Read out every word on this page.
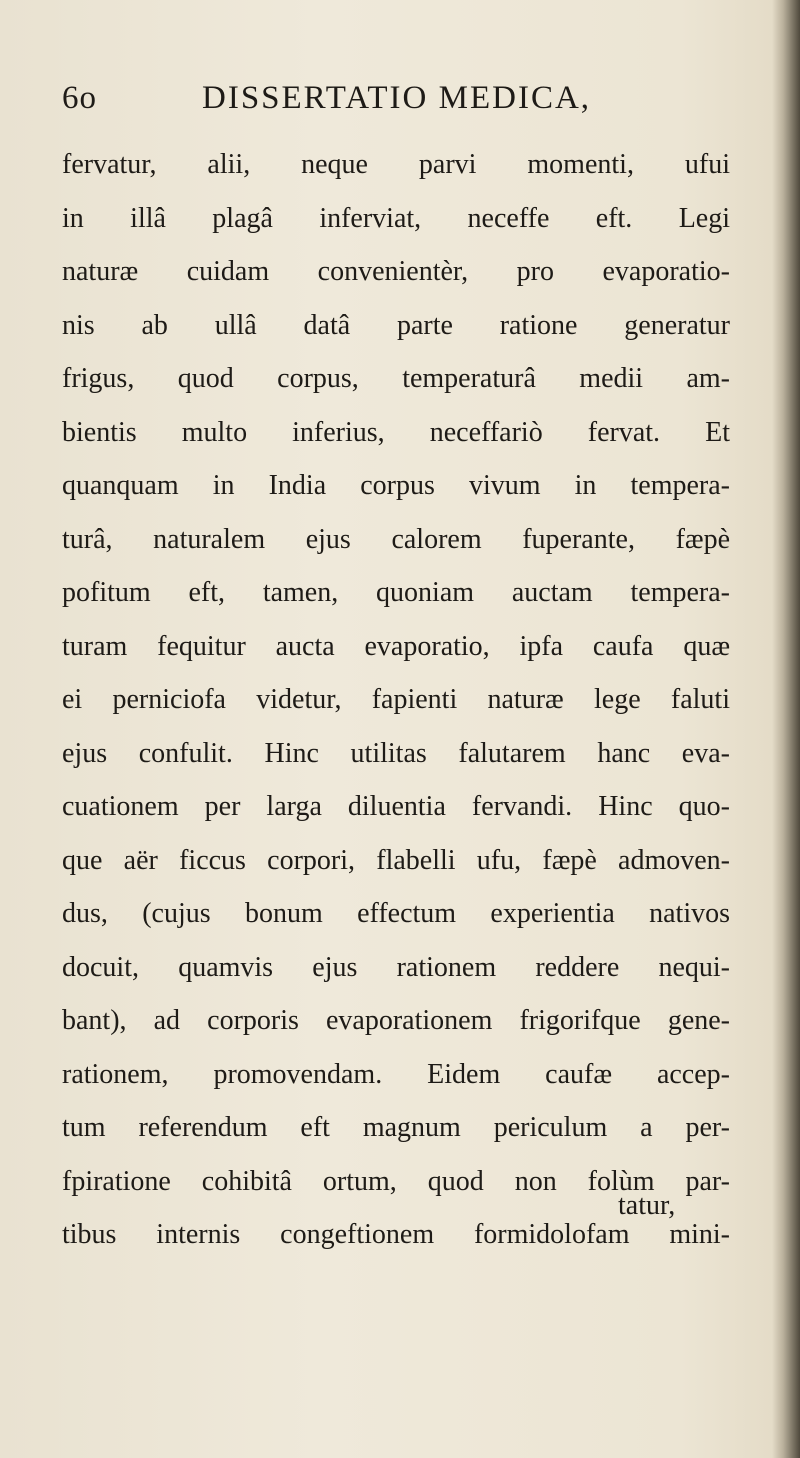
6o	DISSERTATIO MEDICA,
fervatur, alii, neque parvi momenti, ufui
in illâ plagâ inferviat, neceffe eft. Legi
naturæ cuidam convenientèr, pro evaporatio-
nis ab ullâ datâ parte ratione generatur
frigus, quod corpus, temperaturâ medii am-
bientis multo inferius, neceffariò fervat. Et
quanquam in India corpus vivum in tempera-
turâ, naturalem ejus calorem fuperante, fæpè
pofitum eft, tamen, quoniam auctam tempera-
turam fequitur aucta evaporatio, ipfa caufa quæ
ei perniciofa videtur, fapienti naturæ lege faluti
ejus confulit. Hinc utilitas falutarem hanc eva-
cuationem per larga diluentia fervandi. Hinc quo-
que aër ficcus corpori, flabelli ufu, fæpè admoven-
dus, (cujus bonum effectum experientia nativos
docuit, quamvis ejus rationem reddere nequi-
bant), ad corporis evaporationem frigorifque gene-
rationem, promovendam. Eidem caufæ accep-
tum referendum eft magnum periculum a per-
fpiratione cohibitâ ortum, quod non folùm par-
tibus internis congeftionem formidolofam mini-
tatur,
